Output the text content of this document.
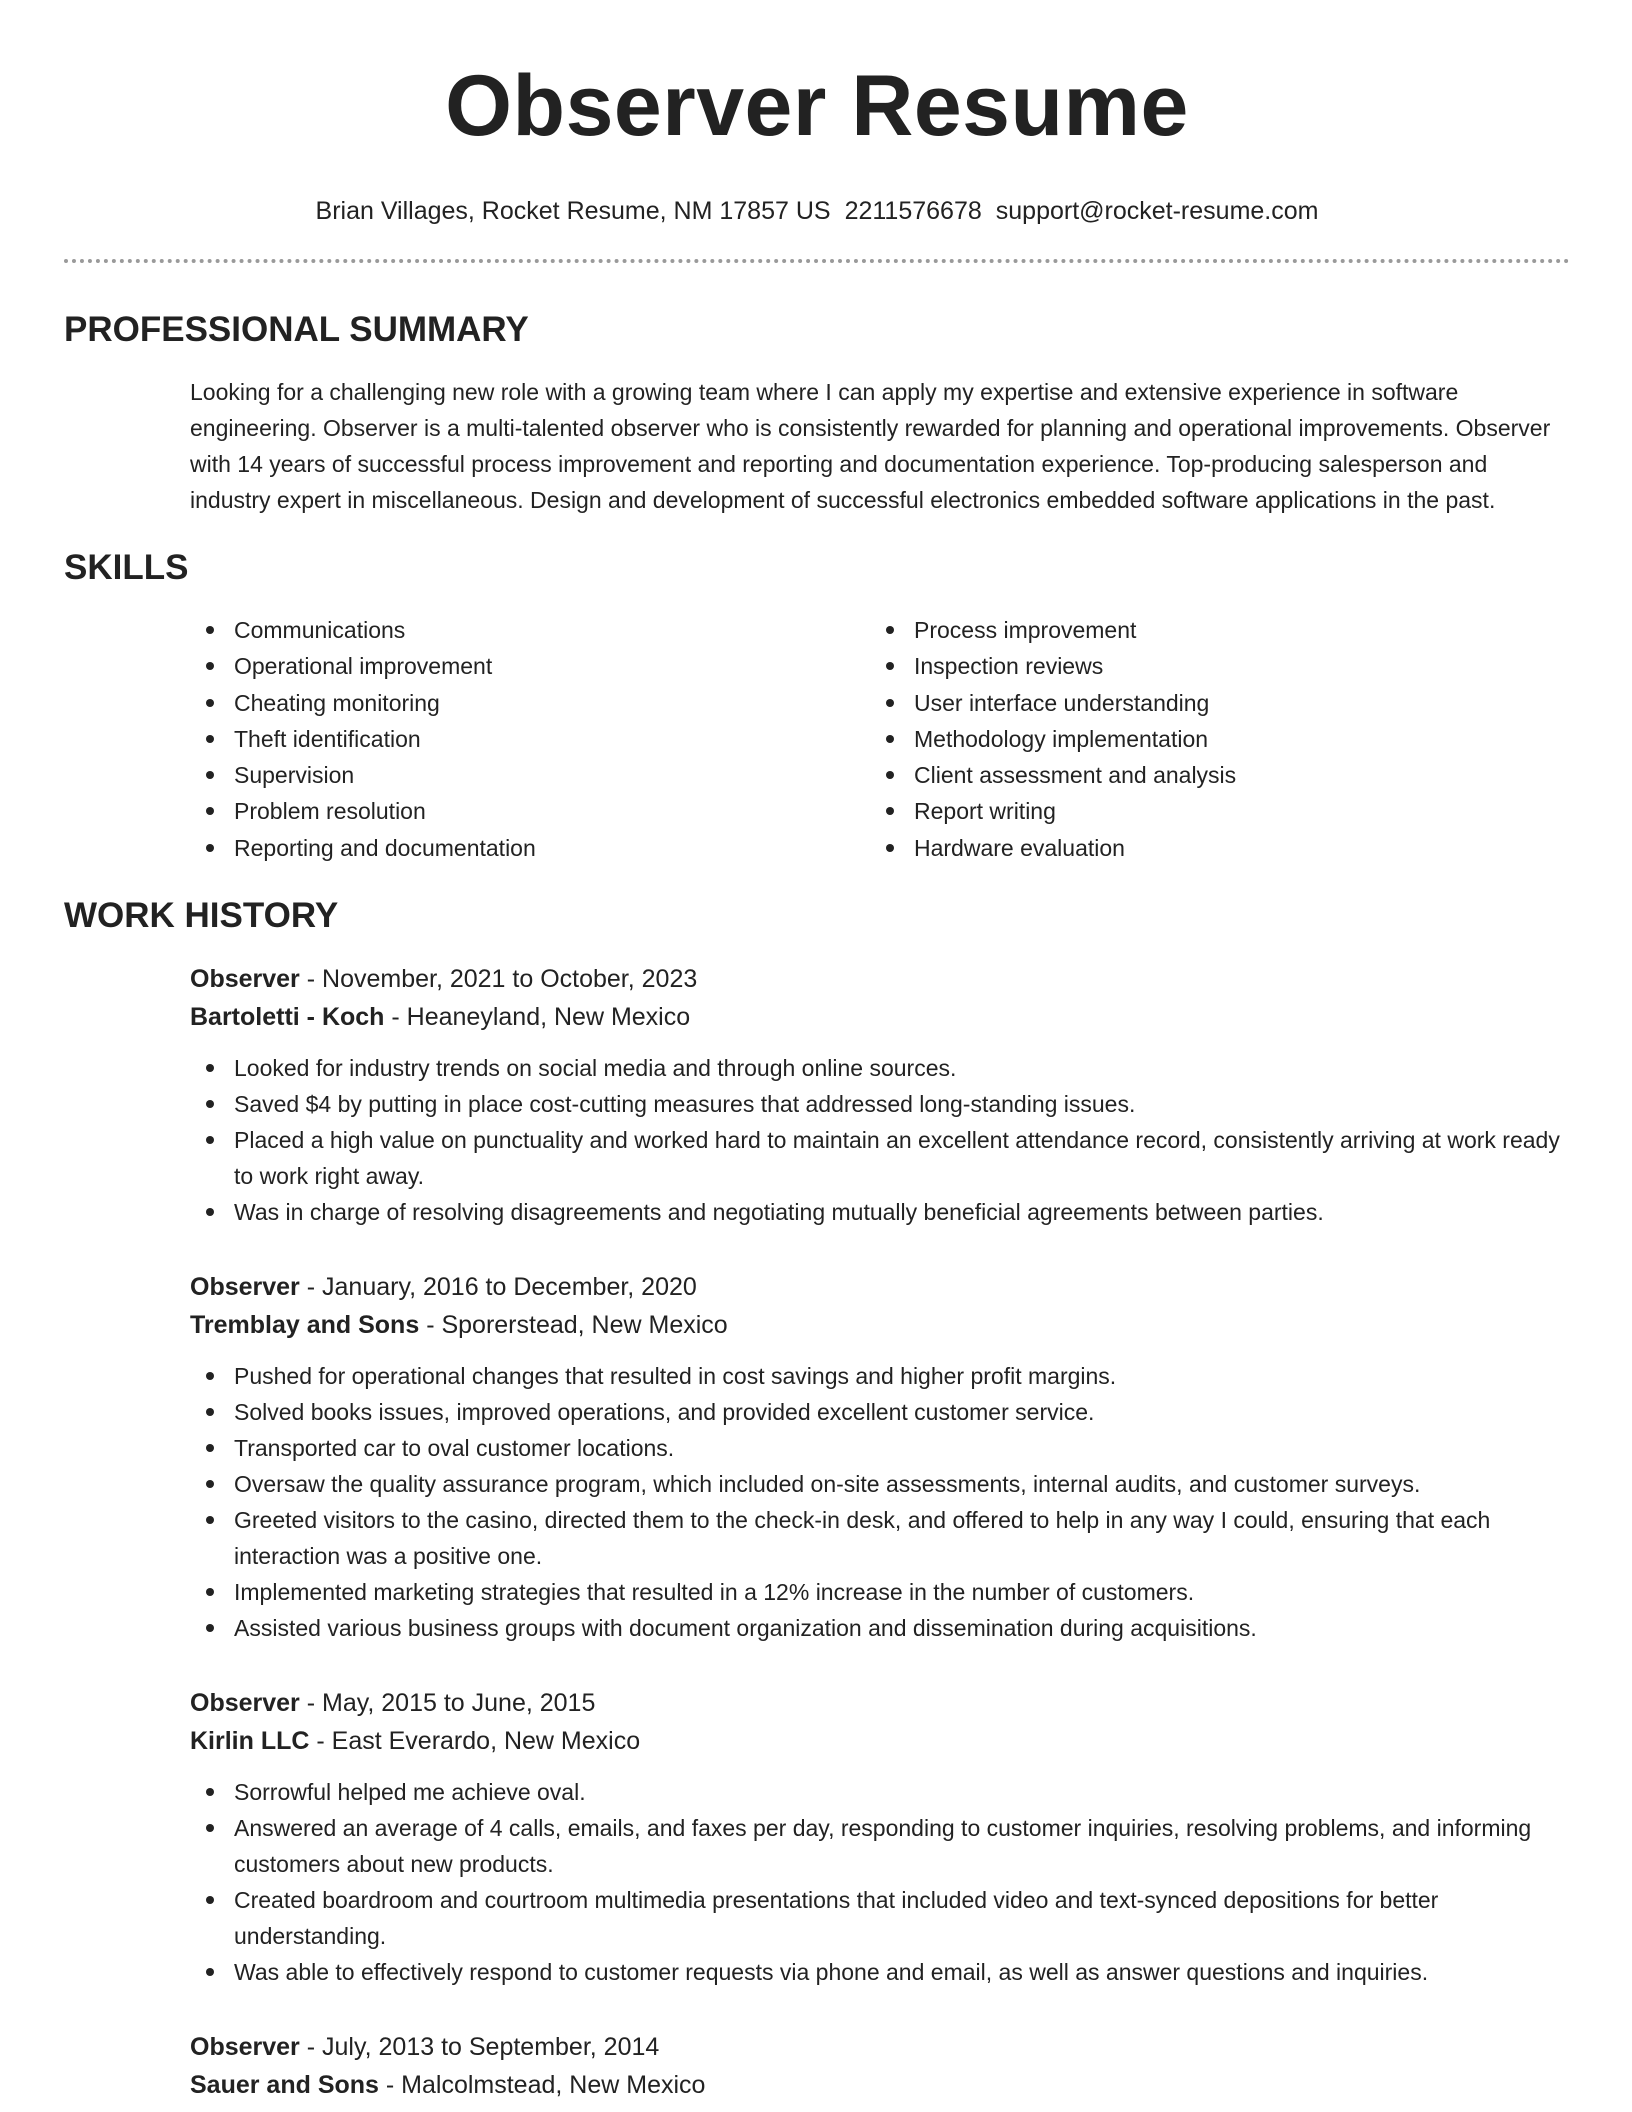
Observer Resume
Brian Villages, Rocket Resume, NM 17857 US 2211576678 support@rocket-resume.com
PROFESSIONAL SUMMARY

Looking for a challenging new role with a growing team where I can apply my expertise and extensive experience in software engineering. Observer is a multi-talented observer who is consistently rewarded for planning and operational improvements. Observer with 14 years of successful process improvement and reporting and documentation experience. Top-producing salesperson and industry expert in miscellaneous. Design and development of successful electronics embedded software applications in the past.

SKILLS
Communications
Operational improvement
Cheating monitoring
Theft identification
Supervision
Problem resolution
Reporting and documentation
Process improvement
Inspection reviews
User interface understanding
Methodology implementation
Client assessment and analysis
Report writing
Hardware evaluation
WORK HISTORY
Observer - November, 2021 to October, 2023
Bartoletti - Koch - Heaneyland, New Mexico
Looked for industry trends on social media and through online sources.
Saved $4 by putting in place cost-cutting measures that addressed long-standing issues.
Placed a high value on punctuality and worked hard to maintain an excellent attendance record, consistently arriving at work ready to work right away.
Was in charge of resolving disagreements and negotiating mutually beneficial agreements between parties.
Observer - January, 2016 to December, 2020
Tremblay and Sons - Sporerstead, New Mexico
Pushed for operational changes that resulted in cost savings and higher profit margins.
Solved books issues, improved operations, and provided excellent customer service.
Transported car to oval customer locations.
Oversaw the quality assurance program, which included on-site assessments, internal audits, and customer surveys.
Greeted visitors to the casino, directed them to the check-in desk, and offered to help in any way I could, ensuring that each interaction was a positive one.
Implemented marketing strategies that resulted in a 12% increase in the number of customers.
Assisted various business groups with document organization and dissemination during acquisitions.
Observer - May, 2015 to June, 2015
Kirlin LLC - East Everardo, New Mexico
Sorrowful helped me achieve oval.
Answered an average of 4 calls, emails, and faxes per day, responding to customer inquiries, resolving problems, and informing customers about new products.
Created boardroom and courtroom multimedia presentations that included video and text-synced depositions for better understanding.
Was able to effectively respond to customer requests via phone and email, as well as answer questions and inquiries.
Observer - July, 2013 to September, 2014
Sauer and Sons - Malcolmstead, New Mexico
